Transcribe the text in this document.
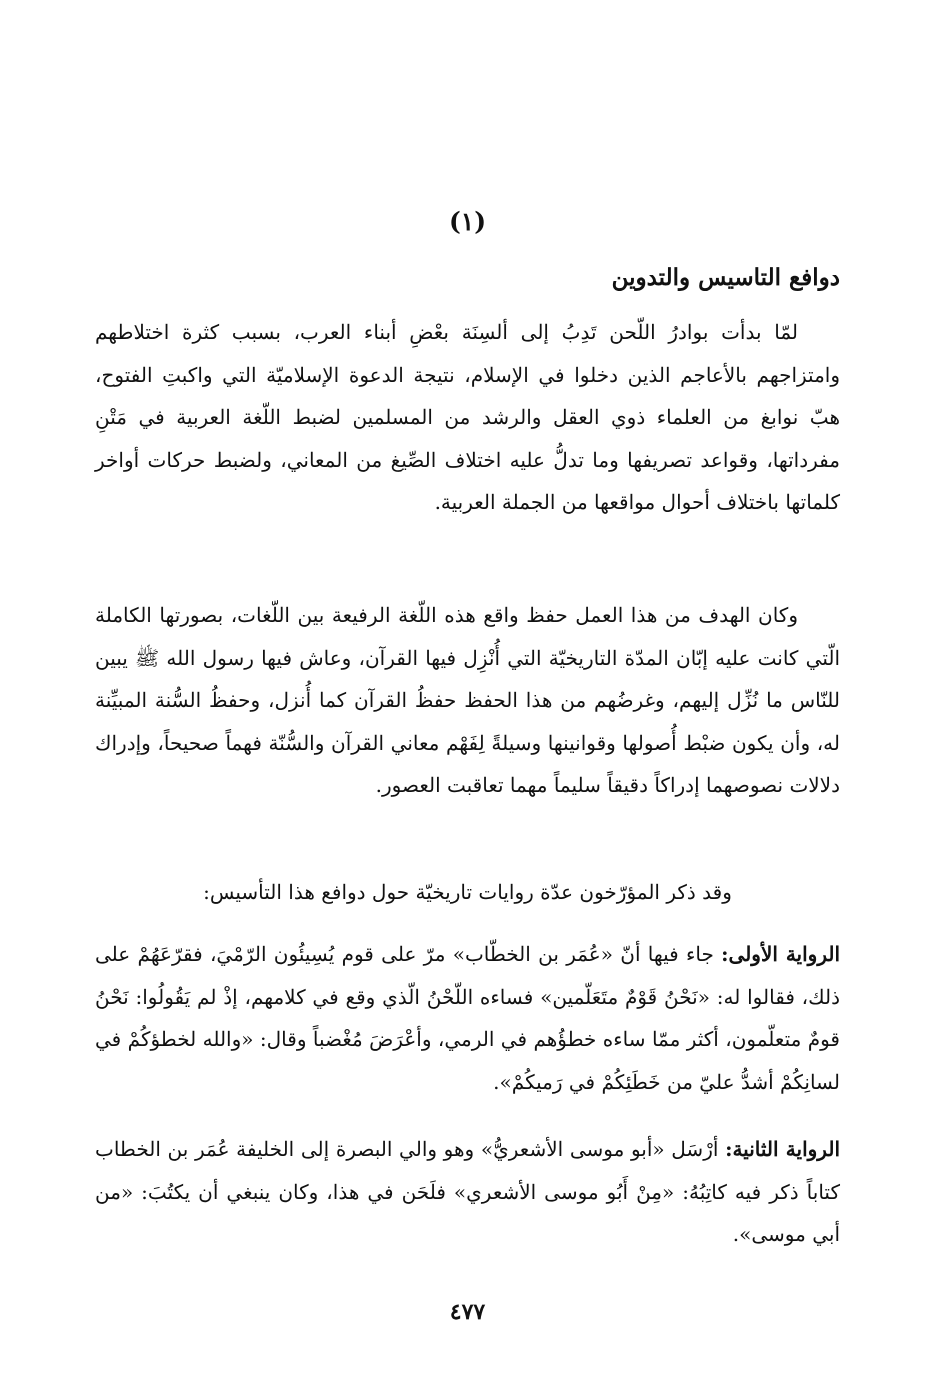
(١)
دوافع التاسيس والتدوين

لمّا بدأت بوادرُ اللّحن تَدِبُ إلى ألسِنَة بعْضِ أبناء العرب، بسبب كثرة اختلاطهم وامتزاجهم بالأعاجم الذين دخلوا في الإسلام، نتيجة الدعوة الإسلاميّة التي واكبتِ الفتوح، هبّ نوابغ من العلماء ذوي العقل والرشد من المسلمين لضبط اللّغة العربية في مَتْنِ مفرداتها، وقواعد تصريفها وما تدلُّ عليه اختلاف الصِّيغ من المعاني، ولضبط حركات أواخر كلماتها باختلاف أحوال مواقعها من الجملة العربية.

وكان الهدف من هذا العمل حفظ واقع هذه اللّغة الرفيعة بين اللّغات، بصورتها الكاملة الّتي كانت عليه إبّان المدّة التاريخيّة التي أُنْزِل فيها القرآن، وعاش فيها رسول الله ﷺ يبين للنّاس ما نُزِّل إليهم، وغرضُهم من هذا الحفظ حفظُ القرآن كما أُنزل، وحفظُ السُّنة المبيِّنة له، وأن يكون ضبْط أُصولها وقوانينها وسيلةً لِفَهْم معاني القرآن والسُّنّة فهماً صحيحاً، وإدراك دلالات نصوصهما إدراكاً دقيقاً سليماً مهما تعاقبت العصور.

وقد ذكر المؤرّخون عدّة روايات تاريخيّة حول دوافع هذا التأسيس:

الرواية الأولى: جاء فيها أنّ «عُمَر بن الخطّاب» مرّ على قوم يُسِيئُون الرّمْيَ، فقرّعَهُمْ على ذلك، فقالوا له: «نَحْنُ قَوْمٌ متَعَلّمين» فساءه اللّحْنُ الّذي وقع في كلامهم، إذْ لم يَقُولُوا: نَحْنُ قومٌ متعلّمون، أكثر ممّا ساءه خطؤُهم في الرمي، وأعْرَضَ مُغْضباً وقال: «والله لخطؤكُمْ في لسانِكُمْ أشدُّ عليّ من خَطَئِكُمْ في رَميكُمْ».

الرواية الثانية: أرْسَل «أبو موسى الأشعريُّ» وهو والي البصرة إلى الخليفة عُمَر بن الخطاب كتاباً ذكر فيه كاتِبُهُ: «مِنْ أَبُو موسى الأشعري» فلَحَن في هذا، وكان ينبغي أن يكتُبَ: «من أبي موسى».

٤٧٧
